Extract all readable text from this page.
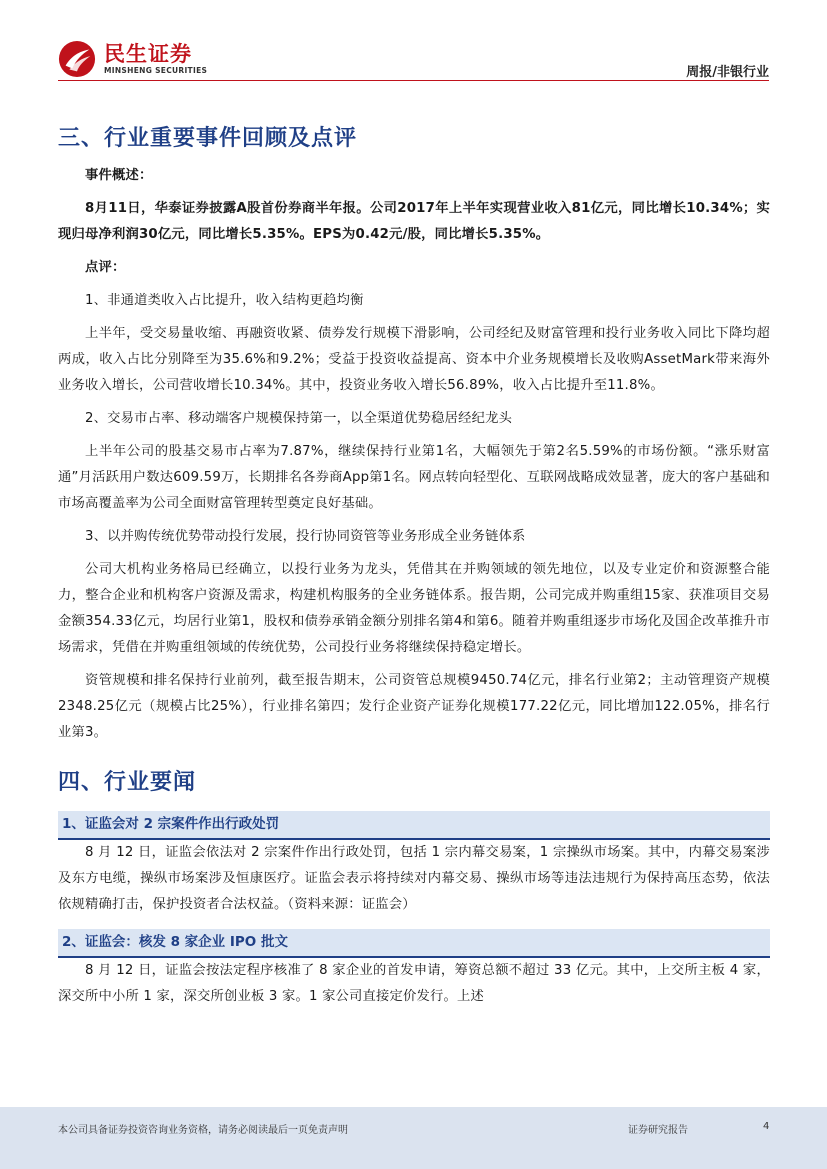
民生证券
MINSHENG SECURITIES	周报/非银行业
三、行业重要事件回顾及点评

事件概述：

8月11日，华泰证券披露A股首份券商半年报。公司2017年上半年实现营业收入81亿元，同比增长10.34%；实现归母净利润30亿元，同比增长5.35%。EPS为0.42元/股，同比增长5.35%。

点评：

1、非通道类收入占比提升，收入结构更趋均衡

上半年，受交易量收缩、再融资收紧、债券发行规模下滑影响，公司经纪及财富管理和投行业务收入同比下降均超两成，收入占比分别降至为35.6%和9.2%；受益于投资收益提高、资本中介业务规模增长及收购AssetMark带来海外业务收入增长，公司营收增长10.34%。其中，投资业务收入增长56.89%，收入占比提升至11.8%。

2、交易市占率、移动端客户规模保持第一，以全渠道优势稳居经纪龙头

上半年公司的股基交易市占率为7.87%，继续保持行业第1名，大幅领先于第2名5.59%的市场份额。“涨乐财富通”月活跃用户数达609.59万，长期排名各券商App第1名。网点转向轻型化、互联网战略成效显著，庞大的客户基础和市场高覆盖率为公司全面财富管理转型奠定良好基础。

3、以并购传统优势带动投行发展，投行协同资管等业务形成全业务链体系

公司大机构业务格局已经确立，以投行业务为龙头，凭借其在并购领域的领先地位，以及专业定价和资源整合能力，整合企业和机构客户资源及需求，构建机构服务的全业务链体系。报告期，公司完成并购重组15家、获准项目交易金额354.33亿元，均居行业第1，股权和债券承销金额分别排名第4和第6。随着并购重组逐步市场化及国企改革推升市场需求，凭借在并购重组领域的传统优势，公司投行业务将继续保持稳定增长。

资管规模和排名保持行业前列，截至报告期末，公司资管总规模9450.74亿元，排名行业第2；主动管理资产规模2348.25亿元（规模占比25%），行业排名第四；发行企业资产证券化规模177.22亿元，同比增加122.05%，排名行业第3。

四、行业要闻
1、证监会对 2 宗案件作出行政处罚

8 月 12 日，证监会依法对 2 宗案件作出行政处罚，包括 1 宗内幕交易案，1 宗操纵市场案。其中，内幕交易案涉及东方电缆，操纵市场案涉及恒康医疗。证监会表示将持续对内幕交易、操纵市场等违法违规行为保持高压态势，依法依规精确打击，保护投资者合法权益。（资料来源：证监会）

2、证监会：核发 8 家企业 IPO 批文

8 月 12 日，证监会按法定程序核准了 8 家企业的首发申请，筹资总额不超过 33 亿元。其中，上交所主板 4 家，深交所中小所 1 家，深交所创业板 3 家。1 家公司直接定价发行。上述

本公司具备证券投资咨询业务资格，请务必阅读最后一页免责声明	证券研究报告	4
